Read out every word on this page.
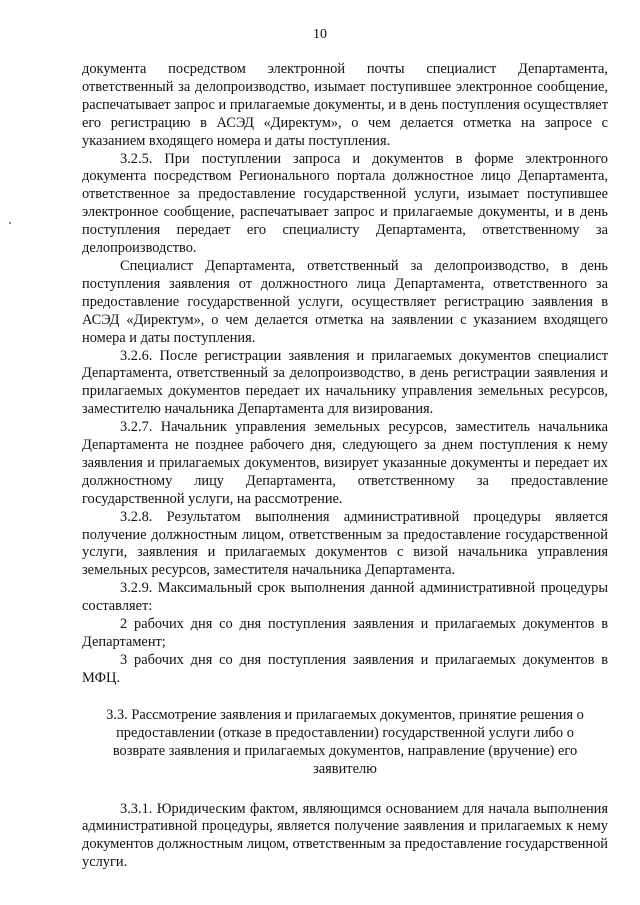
10

документа посредством электронной почты специалист Департамента, ответственный за делопроизводство, изымает поступившее электронное сообщение, распечатывает запрос и прилагаемые документы, и в день поступления осуществляет его регистрацию в АСЭД «Директум», о чем делается отметка на запросе с указанием входящего номера и даты поступления.

3.2.5. При поступлении запроса и документов в форме электронного документа посредством Регионального портала должностное лицо Департамента, ответственное за предоставление государственной услуги, изымает поступившее электронное сообщение, распечатывает запрос и прилагаемые документы, и в день поступления передает его специалисту Департамента, ответственному за делопроизводство.

Специалист Департамента, ответственный за делопроизводство, в день поступления заявления от должностного лица Департамента, ответственного за предоставление государственной услуги, осуществляет регистрацию заявления в АСЭД «Директум», о чем делается отметка на заявлении с указанием входящего номера и даты поступления.

3.2.6. После регистрации заявления и прилагаемых документов специалист Департамента, ответственный за делопроизводство, в день регистрации заявления и прилагаемых документов передает их начальнику управления земельных ресурсов, заместителю начальника Департамента для визирования.

3.2.7. Начальник управления земельных ресурсов, заместитель начальника Департамента не позднее рабочего дня, следующего за днем поступления к нему заявления и прилагаемых документов, визирует указанные документы и передает их должностному лицу Департамента, ответственному за предоставление государственной услуги, на рассмотрение.

3.2.8. Результатом выполнения административной процедуры является получение должностным лицом, ответственным за предоставление государственной услуги, заявления и прилагаемых документов с визой начальника управления земельных ресурсов, заместителя начальника Департамента.

3.2.9. Максимальный срок выполнения данной административной процедуры составляет:

2 рабочих дня со дня поступления заявления и прилагаемых документов в Департамент;

3 рабочих дня со дня поступления заявления и прилагаемых документов в МФЦ.

3.3. Рассмотрение заявления и прилагаемых документов, принятие решения о предоставлении (отказе в предоставлении) государственной услуги либо о возврате заявления и прилагаемых документов, направление (вручение) его заявителю

3.3.1. Юридическим фактом, являющимся основанием для начала выполнения административной процедуры, является получение заявления и прилагаемых к нему документов должностным лицом, ответственным за предоставление государственной услуги.
